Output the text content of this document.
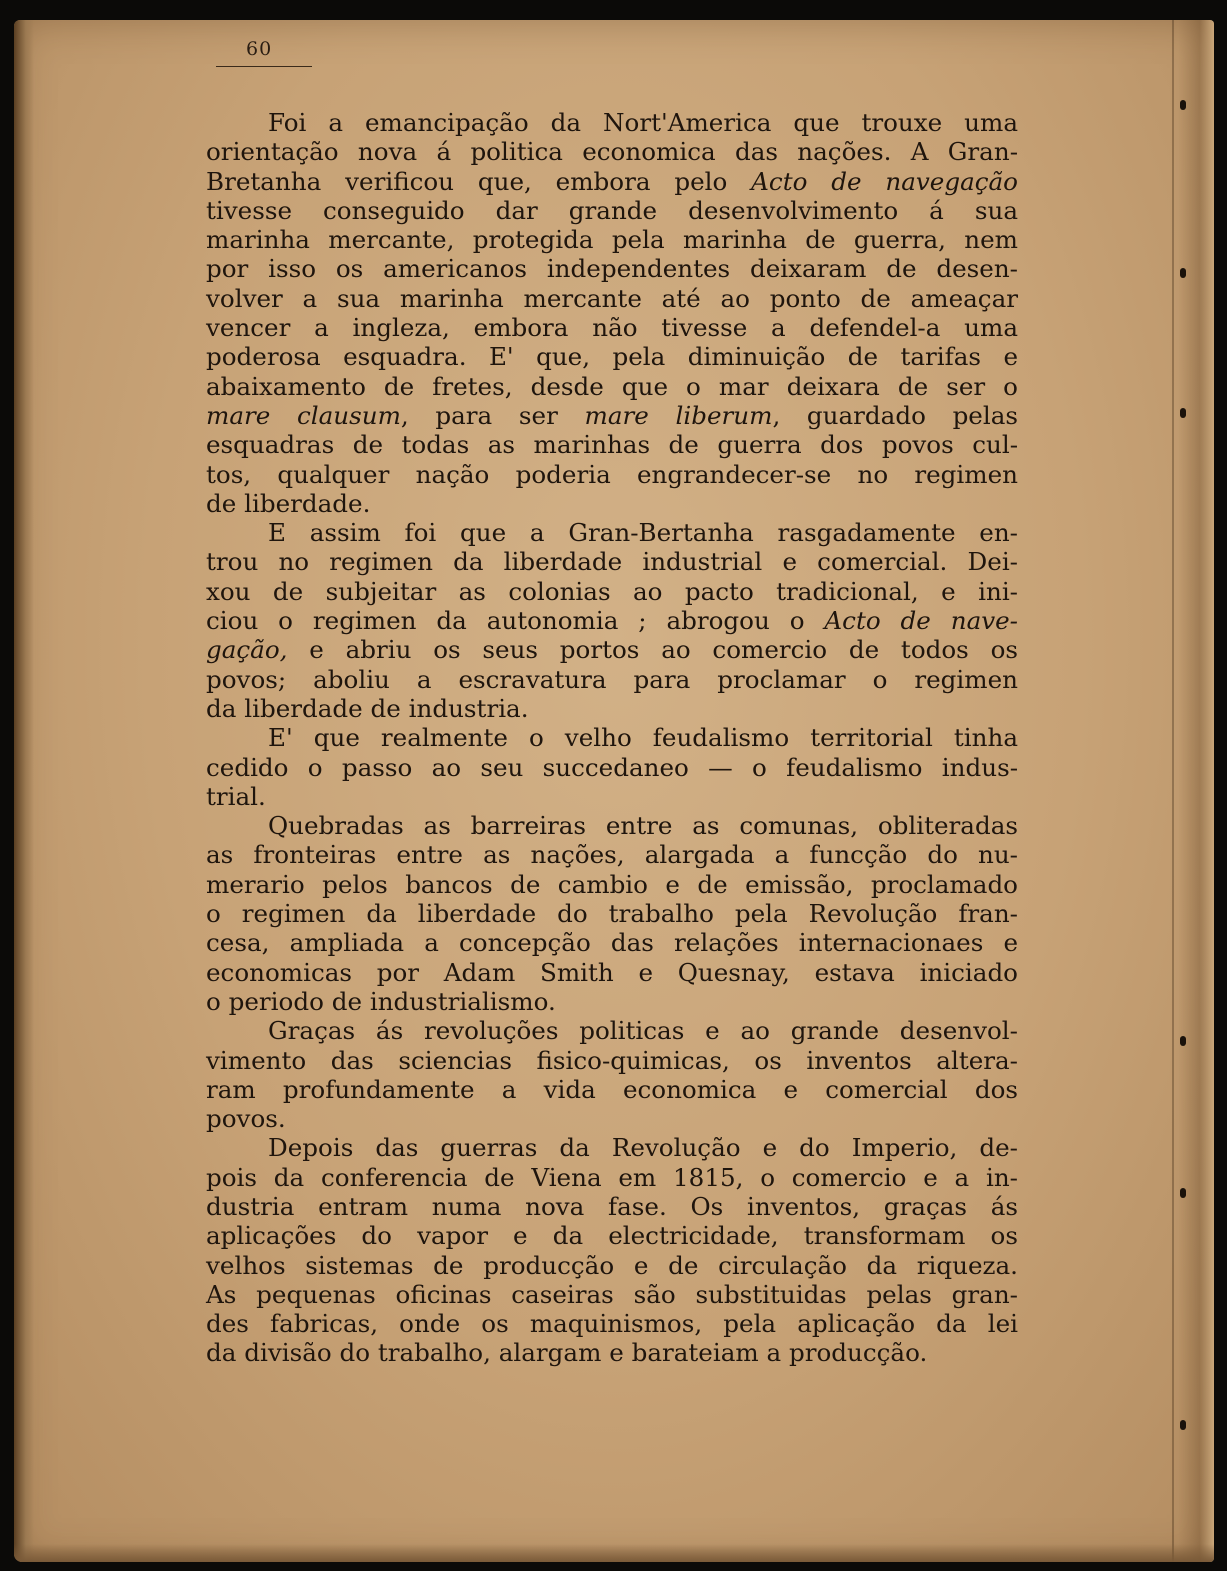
60
Foi a emancipação da Nort'America que trouxe uma
orientação nova á politica economica das nações. A Gran-
Bretanha verificou que, embora pelo Acto de navegação
tivesse conseguido dar grande desenvolvimento á sua
marinha mercante, protegida pela marinha de guerra, nem
por isso os americanos independentes deixaram de desen-
volver a sua marinha mercante até ao ponto de ameaçar
vencer a ingleza, embora não tivesse a defendel-a uma
poderosa esquadra. E' que, pela diminuição de tarifas e
abaixamento de fretes, desde que o mar deixara de ser o
mare clausum, para ser mare liberum, guardado pelas
esquadras de todas as marinhas de guerra dos povos cul-
tos, qualquer nação poderia engrandecer-se no regimen
de liberdade.
E assim foi que a Gran-Bertanha rasgadamente en-
trou no regimen da liberdade industrial e comercial. Dei-
xou de subjeitar as colonias ao pacto tradicional, e ini-
ciou o regimen da autonomia ; abrogou o Acto de nave-
gação, e abriu os seus portos ao comercio de todos os
povos; aboliu a escravatura para proclamar o regimen
da liberdade de industria.
E' que realmente o velho feudalismo territorial tinha
cedido o passo ao seu succedaneo — o feudalismo indus-
trial.
Quebradas as barreiras entre as comunas, obliteradas
as fronteiras entre as nações, alargada a funcção do nu-
merario pelos bancos de cambio e de emissão, proclamado
o regimen da liberdade do trabalho pela Revolução fran-
cesa, ampliada a concepção das relações internacionaes e
economicas por Adam Smith e Quesnay, estava iniciado
o periodo de industrialismo.
Graças ás revoluções politicas e ao grande desenvol-
vimento das sciencias fisico-quimicas, os inventos altera-
ram profundamente a vida economica e comercial dos
povos.
Depois das guerras da Revolução e do Imperio, de-
pois da conferencia de Viena em 1815, o comercio e a in-
dustria entram numa nova fase. Os inventos, graças ás
aplicações do vapor e da electricidade, transformam os
velhos sistemas de producção e de circulação da riqueza.
As pequenas oficinas caseiras são substituidas pelas gran-
des fabricas, onde os maquinismos, pela aplicação da lei
da divisão do trabalho, alargam e barateiam a producção.
